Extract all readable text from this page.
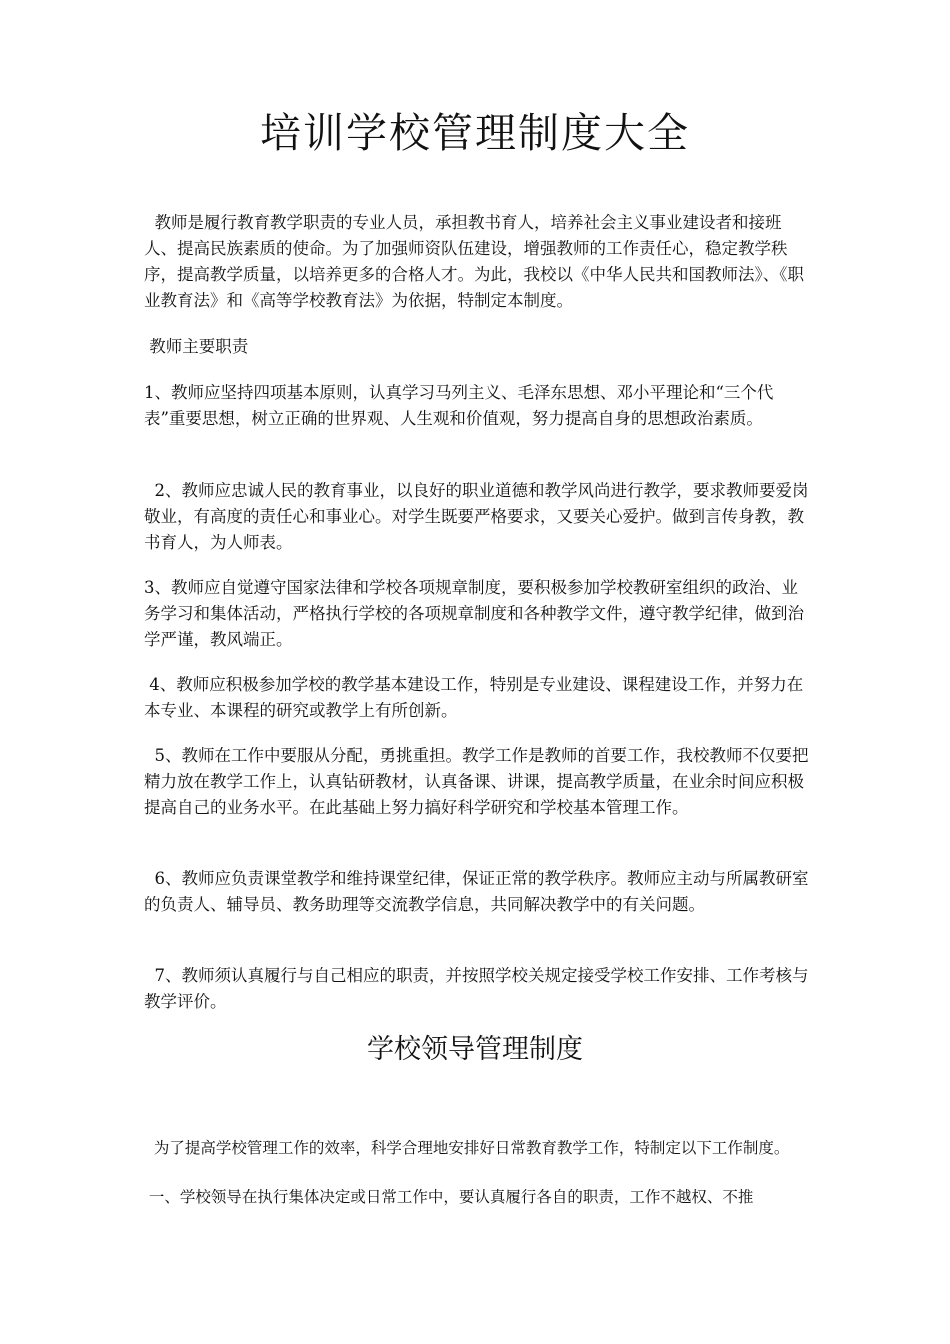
培训学校管理制度大全

教师是履行教育教学职责的专业人员，承担教书育人，培养社会主义事业建设者和接班人、提高民族素质的使命。为了加强师资队伍建设，增强教师的工作责任心，稳定教学秩序，提高教学质量，以培养更多的合格人才。为此，我校以《中华人民共和国教师法》、《职业教育法》和《高等学校教育法》为依据，特制定本制度。

教师主要职责

1、教师应坚持四项基本原则，认真学习马列主义、毛泽东思想、邓小平理论和“三个代表”重要思想，树立正确的世界观、人生观和价值观，努力提高自身的思想政治素质。

2、教师应忠诚人民的教育事业，以良好的职业道德和教学风尚进行教学，要求教师要爱岗敬业，有高度的责任心和事业心。对学生既要严格要求，又要关心爱护。做到言传身教，教书育人，为人师表。

3、教师应自觉遵守国家法律和学校各项规章制度，要积极参加学校教研室组织的政治、业务学习和集体活动，严格执行学校的各项规章制度和各种教学文件，遵守教学纪律，做到治学严谨，教风端正。

4、教师应积极参加学校的教学基本建设工作，特别是专业建设、课程建设工作，并努力在本专业、本课程的研究或教学上有所创新。

5、教师在工作中要服从分配，勇挑重担。教学工作是教师的首要工作，我校教师不仅要把精力放在教学工作上，认真钻研教材，认真备课、讲课，提高教学质量，在业余时间应积极提高自己的业务水平。在此基础上努力搞好科学研究和学校基本管理工作。

6、教师应负责课堂教学和维持课堂纪律，保证正常的教学秩序。教师应主动与所属教研室的负责人、辅导员、教务助理等交流教学信息，共同解决教学中的有关问题。

7、教师须认真履行与自己相应的职责，并按照学校关规定接受学校工作安排、工作考核与教学评价。

学校领导管理制度

为了提高学校管理工作的效率，科学合理地安排好日常教育教学工作，特制定以下工作制度。

一、学校领导在执行集体决定或日常工作中，要认真履行各自的职责，工作不越权、不推
